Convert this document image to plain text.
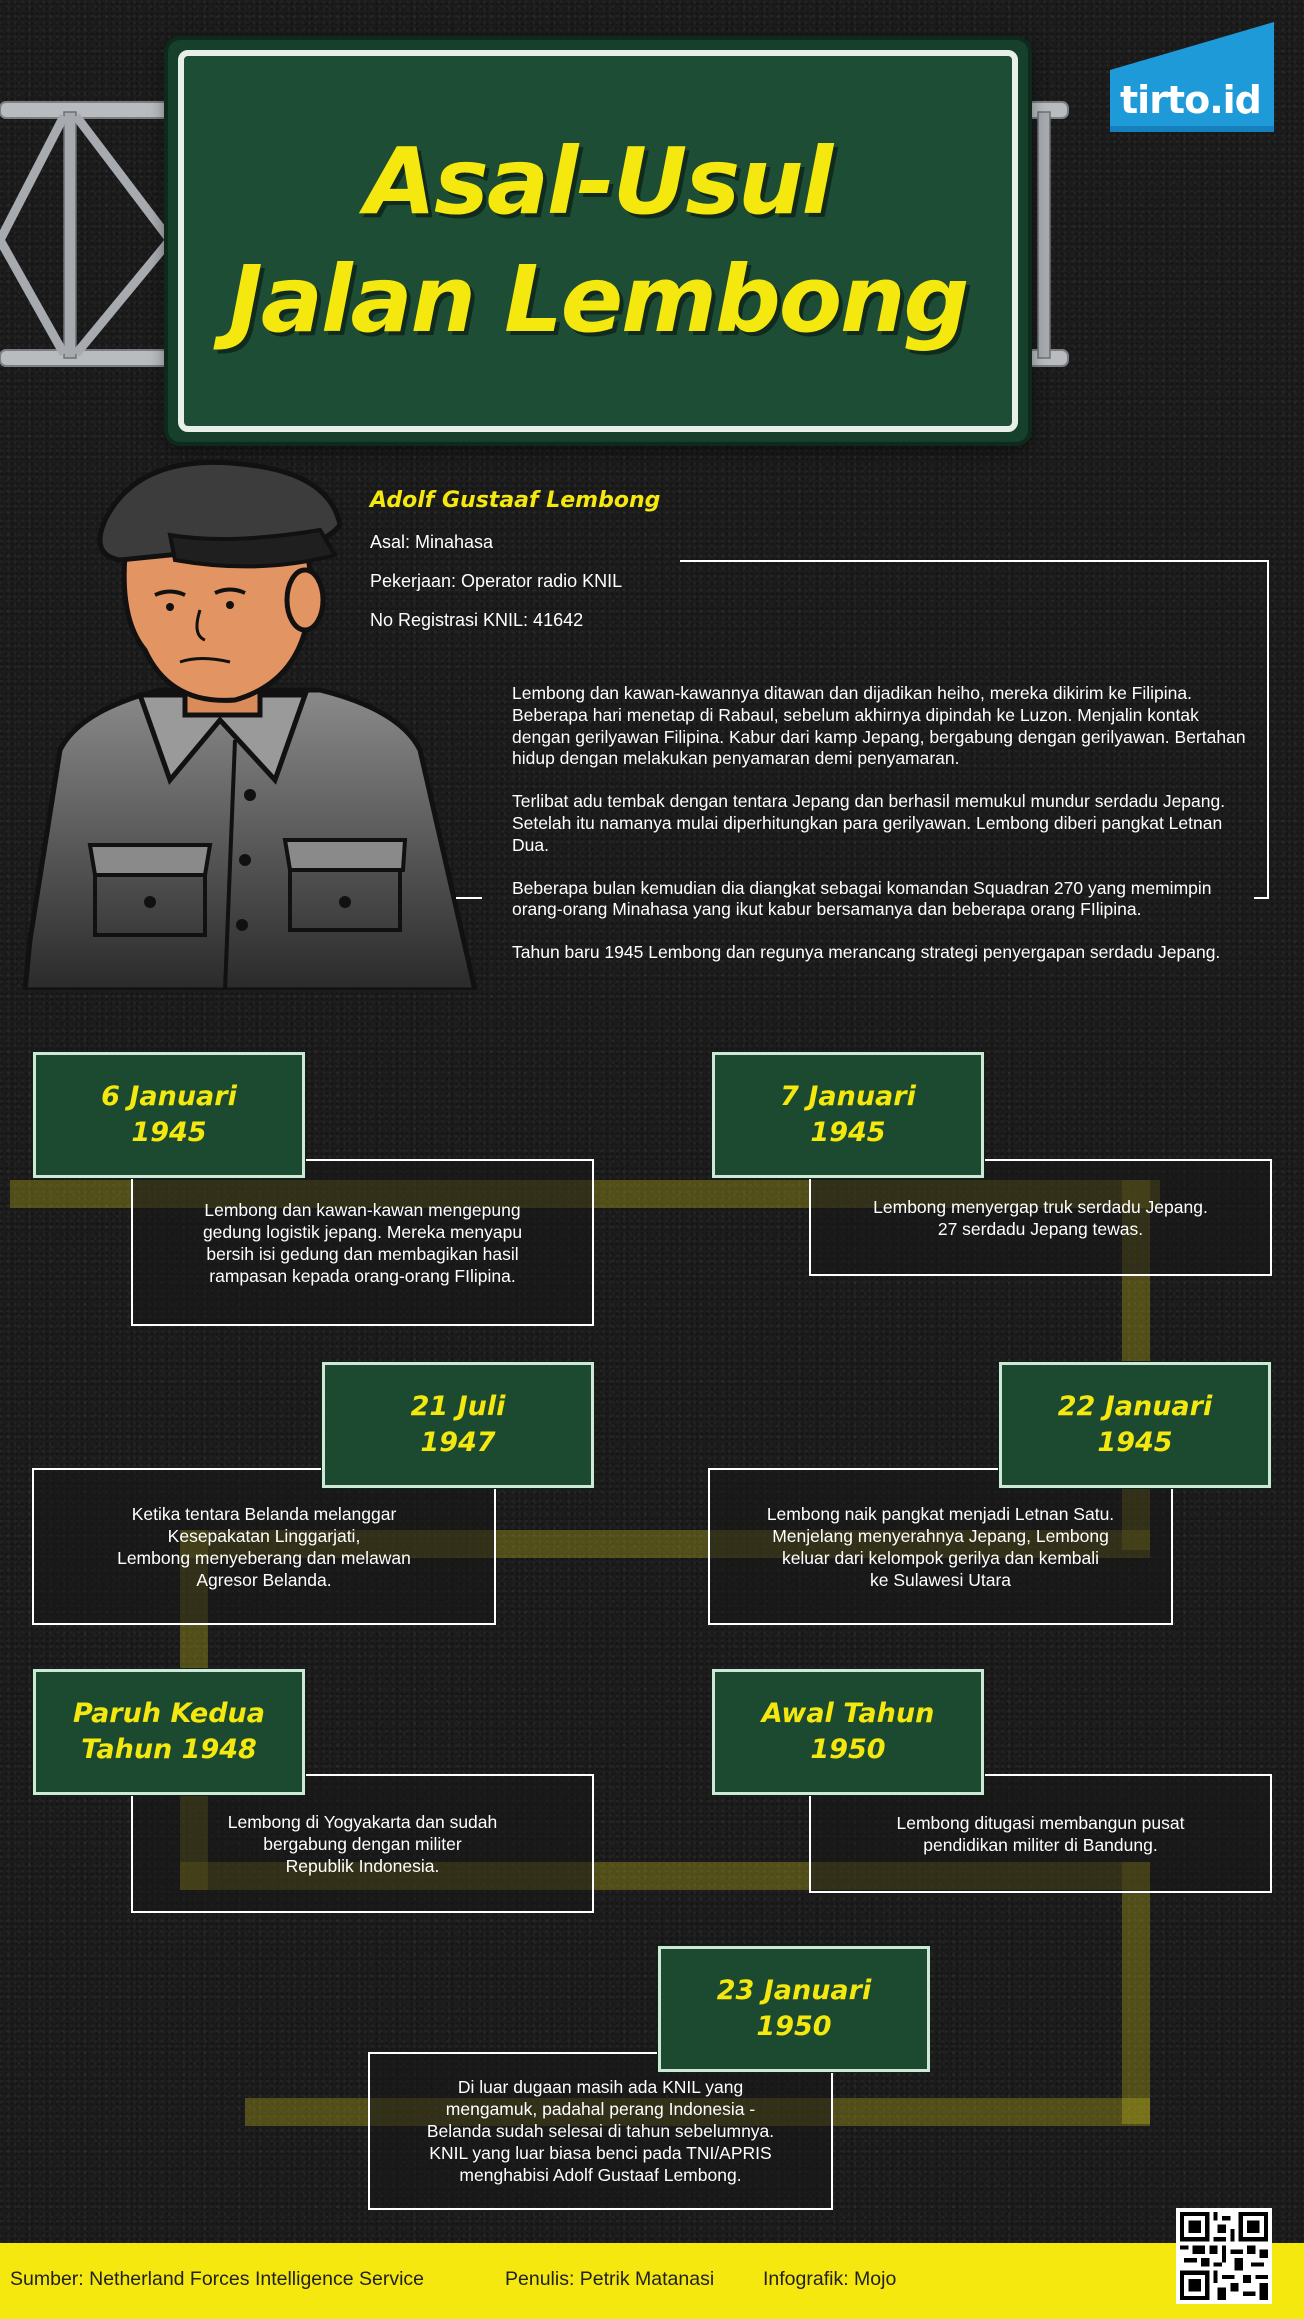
Asal-Usul
Jalan Lembong
tirto.id
Adolf Gustaaf Lembong
Asal: Minahasa
Pekerjaan: Operator radio KNIL
No Registrasi KNIL: 41642

Lembong dan kawan-kawannya ditawan dan dijadikan heiho, mereka dikirim ke Filipina. Beberapa hari menetap di Rabaul, sebelum akhirnya dipindah ke Luzon. Menjalin kontak dengan gerilyawan Filipina. Kabur dari kamp Jepang, bergabung dengan gerilyawan. Bertahan hidup dengan melakukan penyamaran demi penyamaran.

Terlibat adu tembak dengan tentara Jepang dan berhasil memukul mundur serdadu Jepang. Setelah itu namanya mulai diperhitungkan para gerilyawan. Lembong diberi pangkat Letnan Dua.

Beberapa bulan kemudian dia diangkat sebagai komandan Squadran 270 yang memimpin orang-orang Minahasa yang ikut kabur bersamanya dan beberapa orang FIlipina.

Tahun baru 1945 Lembong dan regunya merancang strategi penyergapan serdadu Jepang.

Lembong dan kawan-kawan mengepung
gedung logistik jepang. Mereka menyapu
bersih isi gedung dan membagikan hasil
rampasan kepada orang-orang FIlipina.
6 Januari
1945
Lembong menyergap truk serdadu Jepang.
27 serdadu Jepang tewas.
7 Januari
1945
Ketika tentara Belanda melanggar
Kesepakatan Linggarjati,
Lembong menyeberang dan melawan
Agresor Belanda.
21 Juli
1947
Lembong naik pangkat menjadi Letnan Satu.
Menjelang menyerahnya Jepang, Lembong
keluar dari kelompok gerilya dan kembali
ke Sulawesi Utara
22 Januari
1945
Lembong di Yogyakarta dan sudah
bergabung dengan militer
Republik Indonesia.
Paruh Kedua
Tahun 1948
Lembong ditugasi membangun pusat
pendidikan militer di Bandung.
Awal Tahun
1950
Di luar dugaan masih ada KNIL yang
mengamuk, padahal perang Indonesia -
Belanda sudah selesai di tahun sebelumnya.
KNIL yang luar biasa benci pada TNI/APRIS
menghabisi Adolf Gustaaf Lembong.
23 Januari
1950
Sumber: Netherland Forces Intelligence Service	Penulis: Petrik Matanasi	Infografik: Mojo
